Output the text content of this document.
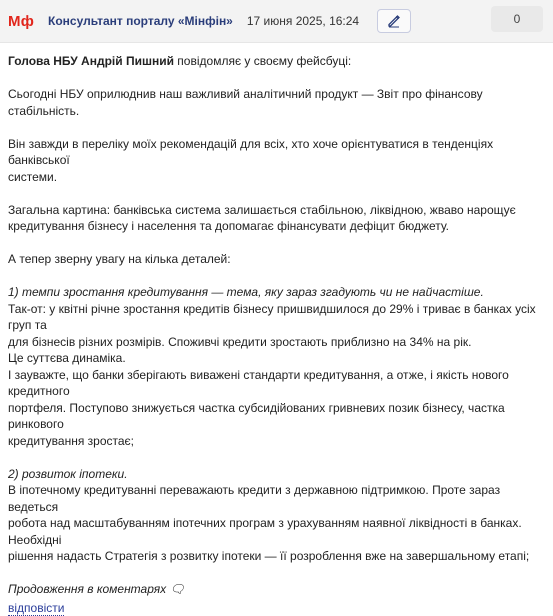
Мф Консультант порталу «Мінфін» 17 июня 2025, 16:24	0

Голова НБУ Андрій Пишний повідомляє у своєму фейсбуці:

Сьогодні НБУ оприлюднив наш важливий аналітичний продукт — Звіт про фінансову стабільність.

Він завжди в переліку моїх рекомендацій для всіх, хто хоче орієнтуватися в тенденціях банківської
системи.

Загальна картина: банківська система залишається стабільною, ліквідною, жваво нарощує
кредитування бізнесу і населення та допомагає фінансувати дефіцит бюджету.

А тепер зверну увагу на кілька деталей:

1) темпи зростання кредитування — тема, яку зараз згадують чи не найчастіше.

Так-от: у квітні річне зростання кредитів бізнесу пришвидшилося до 29% і триває в банках усіх груп та
для бізнесів різних розмірів. Споживчі кредити зростають приблизно на 34% на рік.
Це суттєва динаміка.
І зауважте, що банки зберігають виважені стандарти кредитування, а отже, і якість нового кредитного
портфеля. Поступово знижується частка субсидійованих гривневих позик бізнесу, частка ринкового
кредитування зростає;

2) розвиток іпотеки.

В іпотечному кредитуванні переважають кредити з державною підтримкою. Проте зараз ведеться
робота над масштабуванням іпотечних програм з урахуванням наявної ліквідності в банках. Необхідні
рішення надасть Стратегія з розвитку іпотеки — її розроблення вже на завершальному етапі;

Продовження в коментарях 🗨

відповісти
